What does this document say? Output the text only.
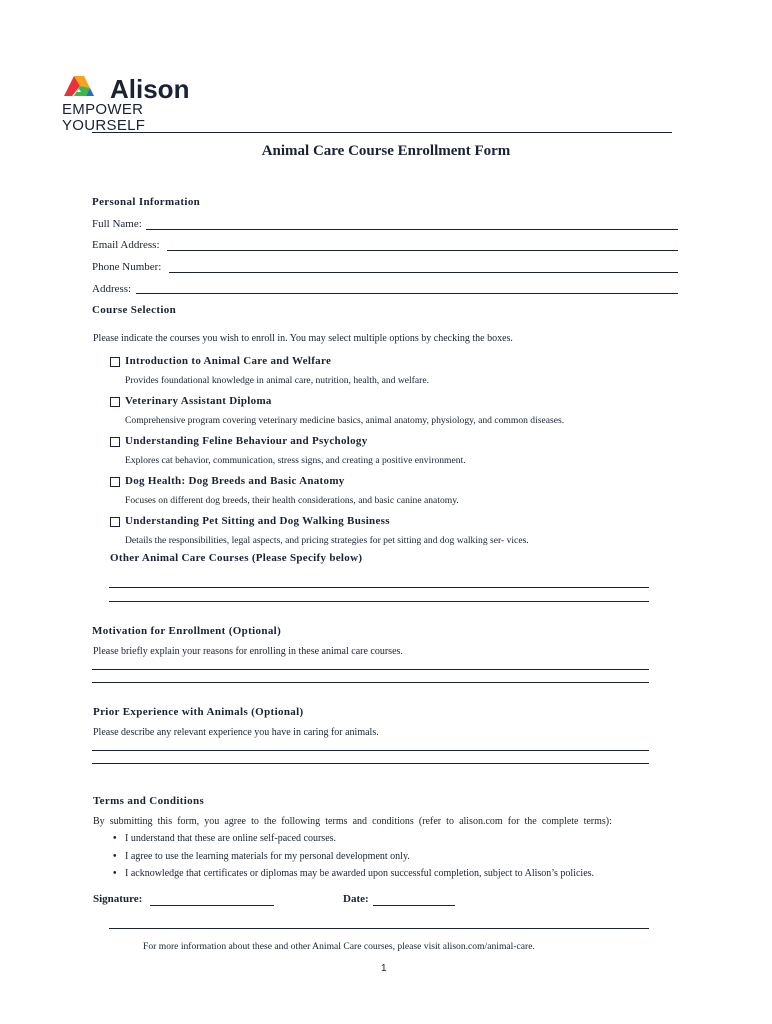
Alison
EMPOWER
YOURSELF
Animal Care Course Enrollment Form
Personal Information
Full Name:
Email Address:
Phone Number:
Address:
Course Selection
Please indicate the courses you wish to enroll in. You may select multiple options by checking the boxes.
Introduction to Animal Care and Welfare
Provides foundational knowledge in animal care, nutrition, health, and welfare.
Veterinary Assistant Diploma
Comprehensive program covering veterinary medicine basics, animal anatomy, physiology, and common diseases.
Understanding Feline Behaviour and Psychology
Explores cat behavior, communication, stress signs, and creating a positive environment.
Dog Health: Dog Breeds and Basic Anatomy
Focuses on different dog breeds, their health considerations, and basic canine anatomy.
Understanding Pet Sitting and Dog Walking Business
Details the responsibilities, legal aspects, and pricing strategies for pet sitting and dog walking ser- vices.
Other Animal Care Courses (Please Specify below)
Motivation for Enrollment (Optional)
Please briefly explain your reasons for enrolling in these animal care courses.
Prior Experience with Animals (Optional)
Please describe any relevant experience you have in caring for animals.
Terms and Conditions
By submitting this form, you agree to the following terms and conditions (refer to alison.com for the complete terms):
• I understand that these are online self-paced courses.
• I agree to use the learning materials for my personal development only.
• I acknowledge that certificates or diplomas may be awarded upon successful completion, subject to Alison’s policies.
Signature:	Date:
For more information about these and other Animal Care courses, please visit alison.com/animal-care.
1
